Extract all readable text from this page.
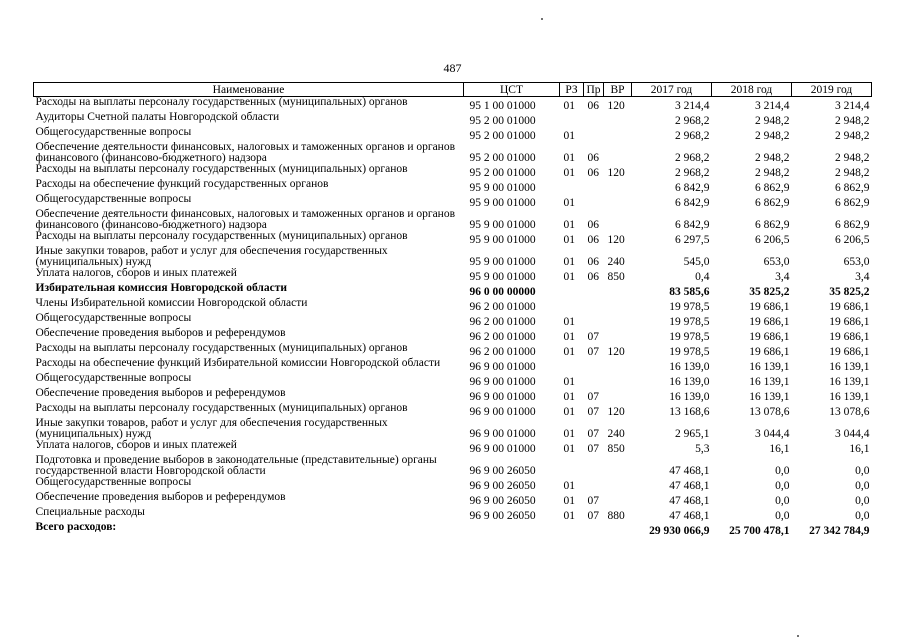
487
Наименование	ЦСТ	РЗ	Пр	ВР	2017 год	2018 год	2019 год
Расходы на выплаты персоналу государственных (муниципальных) органов	95 1 00 01000	01	06	120	3 214,4	3 214,4	3 214,4
Аудиторы Счетной палаты Новгородской области	95 2 00 01000				2 968,2	2 948,2	2 948,2
Общегосударственные вопросы	95 2 00 01000	01			2 968,2	2 948,2	2 948,2
Обеспечение деятельности финансовых, налоговых и таможенных органов и органов финансового (финансово-бюджетного) надзора	95 2 00 01000	01	06		2 968,2	2 948,2	2 948,2
Расходы на выплаты персоналу государственных (муниципальных) органов	95 2 00 01000	01	06	120	2 968,2	2 948,2	2 948,2
Расходы на обеспечение функций государственных органов	95 9 00 01000				6 842,9	6 862,9	6 862,9
Общегосударственные вопросы	95 9 00 01000	01			6 842,9	6 862,9	6 862,9
Обеспечение деятельности финансовых, налоговых и таможенных органов и органов финансового (финансово-бюджетного) надзора	95 9 00 01000	01	06		6 842,9	6 862,9	6 862,9
Расходы на выплаты персоналу государственных (муниципальных) органов	95 9 00 01000	01	06	120	6 297,5	6 206,5	6 206,5
Иные закупки товаров, работ и услуг для обеспечения государственных (муниципальных) нужд	95 9 00 01000	01	06	240	545,0	653,0	653,0
Уплата налогов, сборов и иных платежей	95 9 00 01000	01	06	850	0,4	3,4	3,4
Избирательная комиссия Новгородской области	96 0 00 00000				83 585,6	35 825,2	35 825,2
Члены Избирательной комиссии Новгородской области	96 2 00 01000				19 978,5	19 686,1	19 686,1
Общегосударственные вопросы	96 2 00 01000	01			19 978,5	19 686,1	19 686,1
Обеспечение проведения выборов и референдумов	96 2 00 01000	01	07		19 978,5	19 686,1	19 686,1
Расходы на выплаты персоналу государственных (муниципальных) органов	96 2 00 01000	01	07	120	19 978,5	19 686,1	19 686,1
Расходы на обеспечение функций Избирательной комиссии Новгородской области	96 9 00 01000				16 139,0	16 139,1	16 139,1
Общегосударственные вопросы	96 9 00 01000	01			16 139,0	16 139,1	16 139,1
Обеспечение проведения выборов и референдумов	96 9 00 01000	01	07		16 139,0	16 139,1	16 139,1
Расходы на выплаты персоналу государственных (муниципальных) органов	96 9 00 01000	01	07	120	13 168,6	13 078,6	13 078,6
Иные закупки товаров, работ и услуг для обеспечения государственных (муниципальных) нужд	96 9 00 01000	01	07	240	2 965,1	3 044,4	3 044,4
Уплата налогов, сборов и иных платежей	96 9 00 01000	01	07	850	5,3	16,1	16,1
Подготовка и проведение выборов в законодательные (представительные) органы государственной власти Новгородской области	96 9 00 26050				47 468,1	0,0	0,0
Общегосударственные вопросы	96 9 00 26050	01			47 468,1	0,0	0,0
Обеспечение проведения выборов и референдумов	96 9 00 26050	01	07		47 468,1	0,0	0,0
Специальные расходы	96 9 00 26050	01	07	880	47 468,1	0,0	0,0
Всего расходов:					29 930 066,9	25 700 478,1	27 342 784,9
